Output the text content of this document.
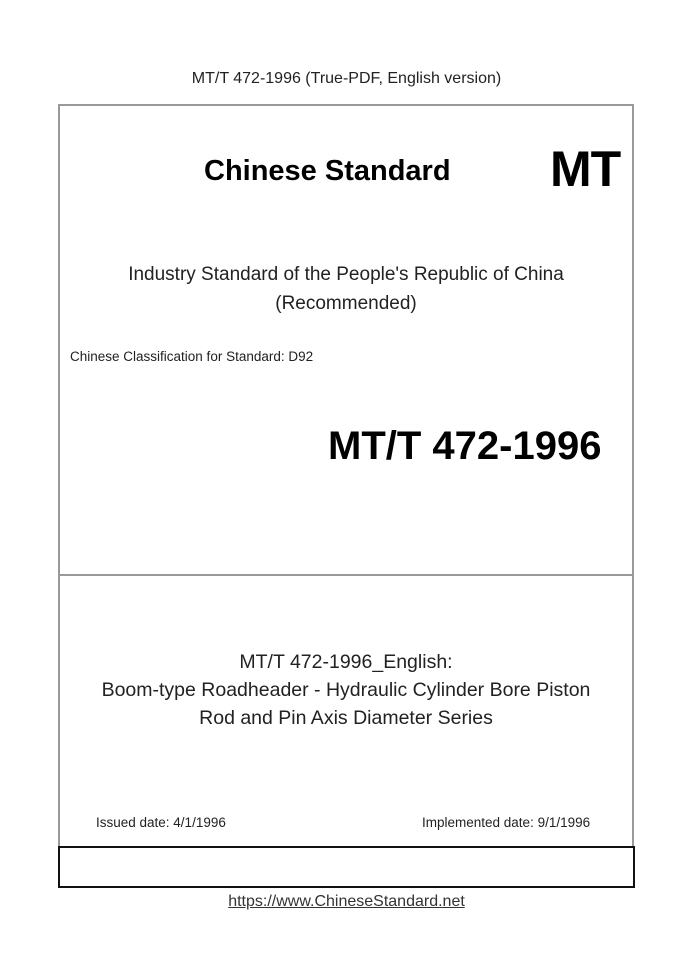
MT/T 472-1996 (True-PDF, English version)
Chinese Standard MT
Industry Standard of the People's Republic of China
(Recommended)
Chinese Classification for Standard: D92
MT/T 472-1996
MT/T 472-1996_English:
Boom-type Roadheader - Hydraulic Cylinder Bore Piston
Rod and Pin Axis Diameter Series
Issued date: 4/1/1996	Implemented date: 9/1/1996
https://www.ChineseStandard.net
